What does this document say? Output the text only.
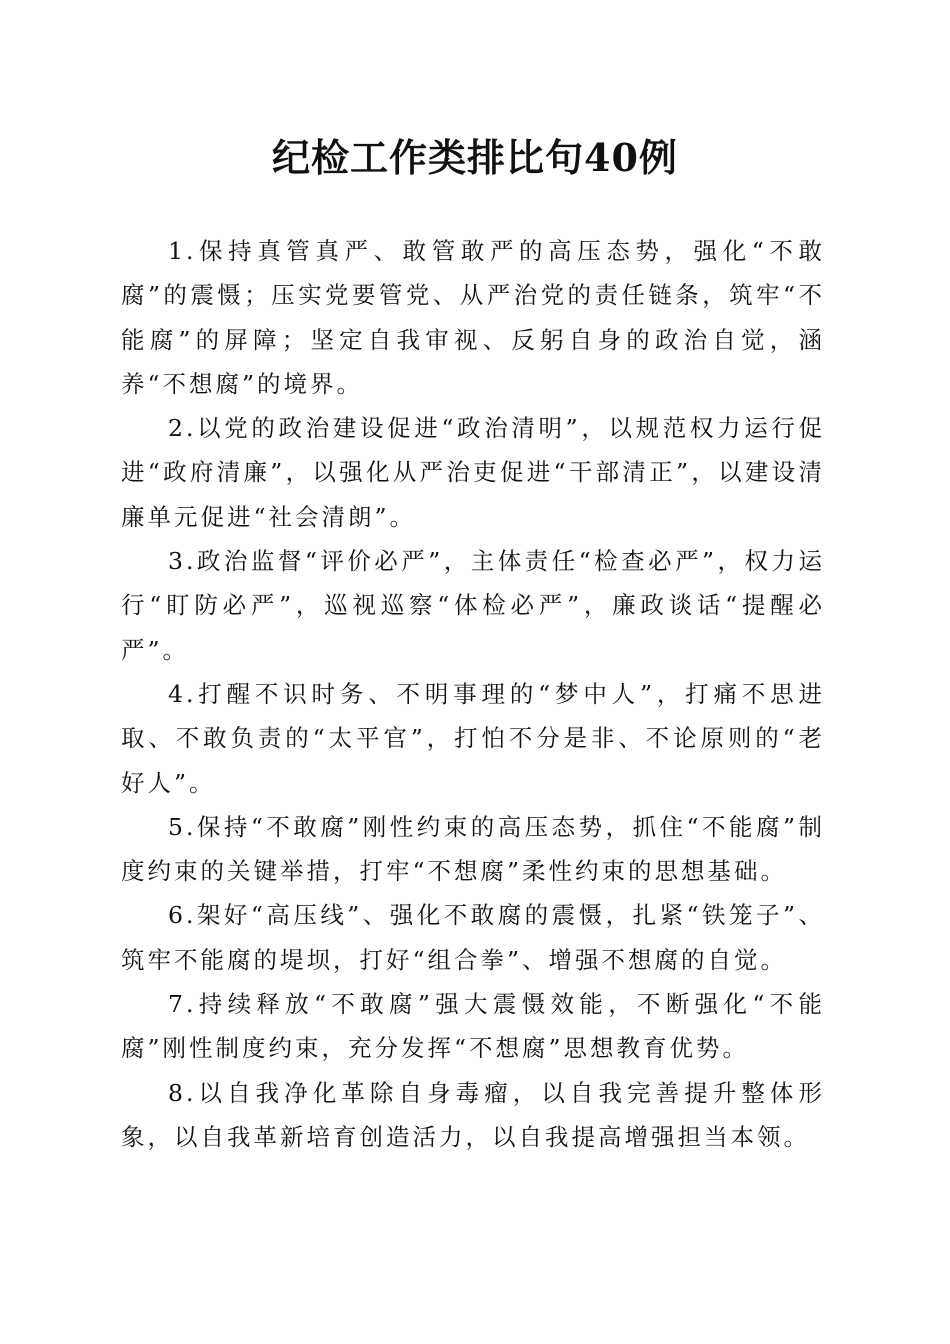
纪检工作类排比句40例

1.保持真管真严、敢管敢严的高压态势，强化“不敢腐”的震慑；压实党要管党、从严治党的责任链条，筑牢“不能腐”的屏障；坚定自我审视、反躬自身的政治自觉，涵养“不想腐”的境界。

2.以党的政治建设促进“政治清明”，以规范权力运行促进“政府清廉”，以强化从严治吏促进“干部清正”，以建设清廉单元促进“社会清朗”。

3.政治监督“评价必严”，主体责任“检查必严”，权力运行“盯防必严”，巡视巡察“体检必严”，廉政谈话“提醒必严”。

4.打醒不识时务、不明事理的“梦中人”，打痛不思进取、不敢负责的“太平官”，打怕不分是非、不论原则的“老好人”。

5.保持“不敢腐”刚性约束的高压态势，抓住“不能腐”制度约束的关键举措，打牢“不想腐”柔性约束的思想基础。

6.架好“高压线”、强化不敢腐的震慑，扎紧“铁笼子”、筑牢不能腐的堤坝，打好“组合拳”、增强不想腐的自觉。

7.持续释放“不敢腐”强大震慑效能，不断强化“不能腐”刚性制度约束，充分发挥“不想腐”思想教育优势。

8.以自我净化革除自身毒瘤，以自我完善提升整体形象，以自我革新培育创造活力，以自我提高增强担当本领。
